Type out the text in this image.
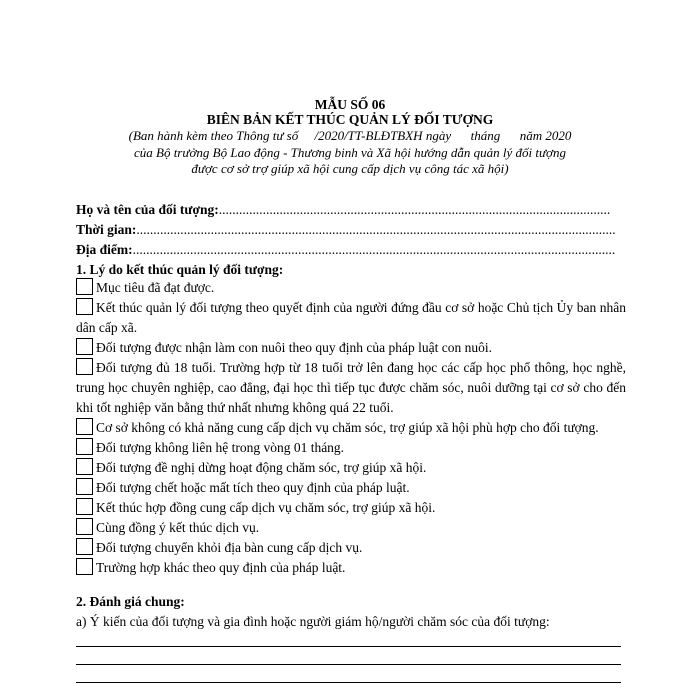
MẪU SỐ 06
BIÊN BẢN KẾT THÚC QUẢN LÝ ĐỐI TƯỢNG
(Ban hành kèm theo Thông tư số     /2020/TT-BLĐTBXH ngày      tháng      năm 2020
của Bộ trưởng Bộ Lao động - Thương binh và Xã hội hướng dẫn quản lý đối tượng
được cơ sở trợ giúp xã hội cung cấp dịch vụ công tác xã hội)
Họ và tên của đối tượng:....................................................................................................................
Thời gian:..............................................................................................................................................
Địa điểm:...............................................................................................................................................
1. Lý do kết thúc quản lý đối tượng:
Mục tiêu đã đạt được.
Kết thúc quản lý đối tượng theo quyết định của người đứng đầu cơ sở hoặc Chủ tịch Ủy ban nhân dân cấp xã.
Đối tượng được nhận làm con nuôi theo quy định của pháp luật con nuôi.
Đối tượng đủ 18 tuổi. Trường hợp từ 18 tuổi trở lên đang học các cấp học phổ thông, học nghề, trung học chuyên nghiệp, cao đẳng, đại học thì tiếp tục được chăm sóc, nuôi dưỡng tại cơ sở cho đến khi tốt nghiệp văn bằng thứ nhất nhưng không quá 22 tuổi.
Cơ sở không có khả năng cung cấp dịch vụ chăm sóc, trợ giúp xã hội phù hợp cho đối tượng.
Đối tượng không liên hệ trong vòng 01 tháng.
Đối tượng đề nghị dừng hoạt động chăm sóc, trợ giúp xã hội.
Đối tượng chết hoặc mất tích theo quy định của pháp luật.
Kết thúc hợp đồng cung cấp dịch vụ chăm sóc, trợ giúp xã hội.
Cùng đồng ý kết thúc dịch vụ.
Đối tượng chuyển khỏi địa bàn cung cấp dịch vụ.
Trường hợp khác theo quy định của pháp luật.
2. Đánh giá chung:
a) Ý kiến của đối tượng và gia đình hoặc người giám hộ/người chăm sóc của đối tượng:
